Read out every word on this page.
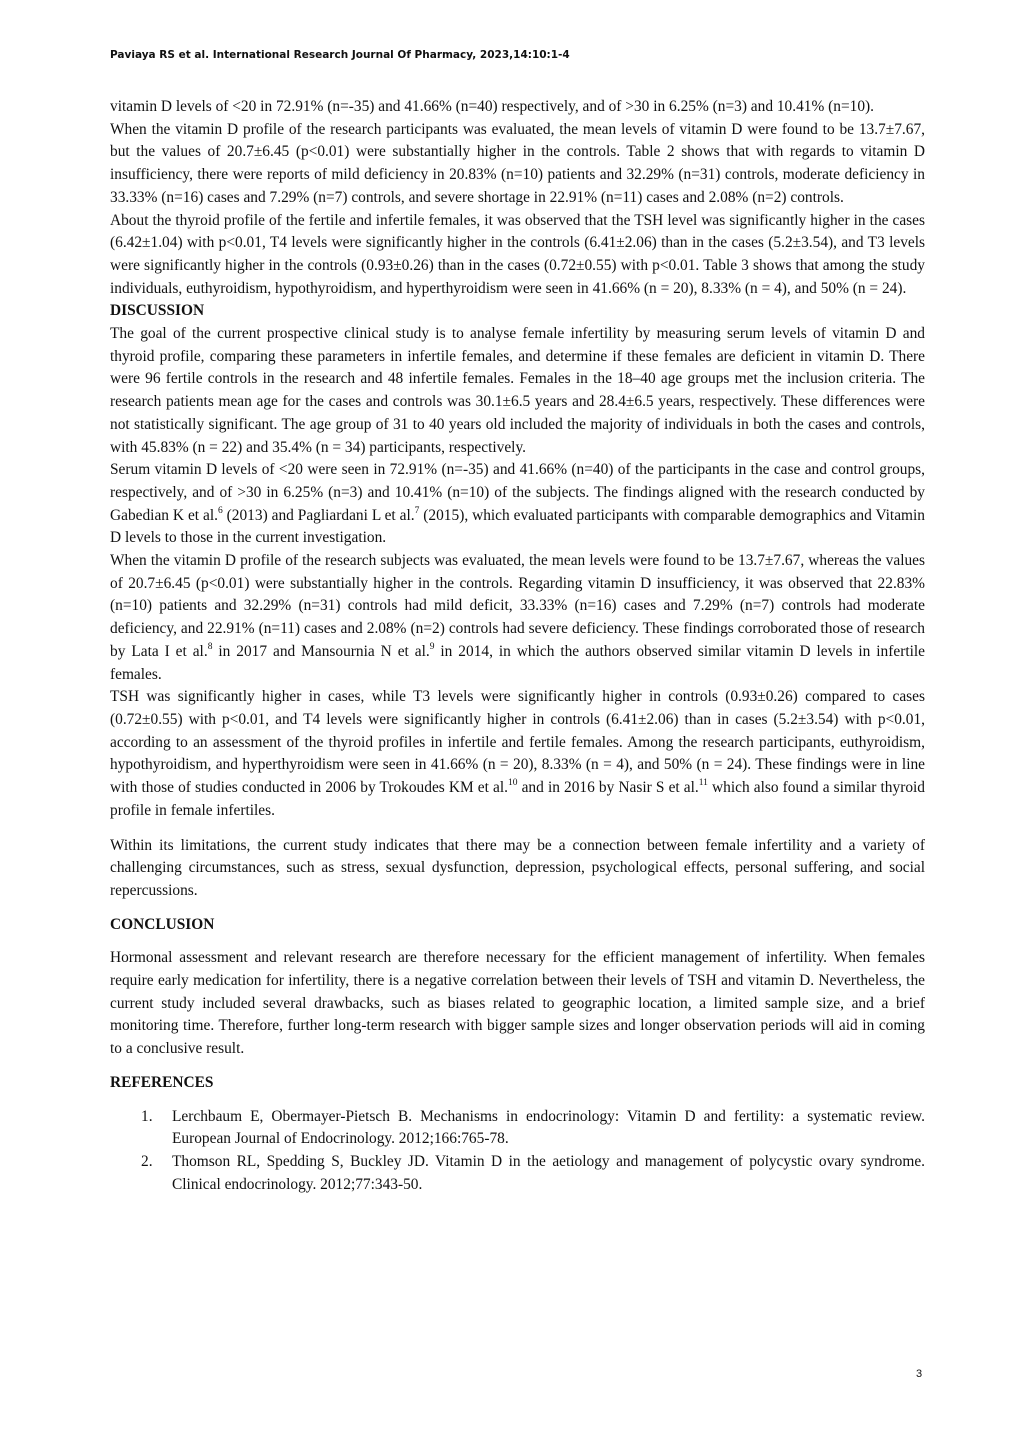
Paviaya RS et al. International Research Journal Of Pharmacy, 2023,14:10:1-4

vitamin D levels of <20 in 72.91% (n=-35) and 41.66% (n=40) respectively, and of >30 in 6.25% (n=3) and 10.41% (n=10).

When the vitamin D profile of the research participants was evaluated, the mean levels of vitamin D were found to be 13.7±7.67, but the values of 20.7±6.45 (p<0.01) were substantially higher in the controls. Table 2 shows that with regards to vitamin D insufficiency, there were reports of mild deficiency in 20.83% (n=10) patients and 32.29% (n=31) controls, moderate deficiency in 33.33% (n=16) cases and 7.29% (n=7) controls, and severe shortage in 22.91% (n=11) cases and 2.08% (n=2) controls.

About the thyroid profile of the fertile and infertile females, it was observed that the TSH level was significantly higher in the cases (6.42±1.04) with p<0.01, T4 levels were significantly higher in the controls (6.41±2.06) than in the cases (5.2±3.54), and T3 levels were significantly higher in the controls (0.93±0.26) than in the cases (0.72±0.55) with p<0.01. Table 3 shows that among the study individuals, euthyroidism, hypothyroidism, and hyperthyroidism were seen in 41.66% (n = 20), 8.33% (n = 4), and 50% (n = 24).

DISCUSSION

The goal of the current prospective clinical study is to analyse female infertility by measuring serum levels of vitamin D and thyroid profile, comparing these parameters in infertile females, and determine if these females are deficient in vitamin D. There were 96 fertile controls in the research and 48 infertile females. Females in the 18–40 age groups met the inclusion criteria. The research patients mean age for the cases and controls was 30.1±6.5 years and 28.4±6.5 years, respectively. These differences were not statistically significant. The age group of 31 to 40 years old included the majority of individuals in both the cases and controls, with 45.83% (n = 22) and 35.4% (n = 34) participants, respectively.

Serum vitamin D levels of <20 were seen in 72.91% (n=-35) and 41.66% (n=40) of the participants in the case and control groups, respectively, and of >30 in 6.25% (n=3) and 10.41% (n=10) of the subjects. The findings aligned with the research conducted by Gabedian K et al.$^6$ (2013) and Pagliardani L et al.$^7$ (2015), which evaluated participants with comparable demographics and Vitamin D levels to those in the current investigation.

When the vitamin D profile of the research subjects was evaluated, the mean levels were found to be 13.7±7.67, whereas the values of 20.7±6.45 (p<0.01) were substantially higher in the controls. Regarding vitamin D insufficiency, it was observed that 22.83% (n=10) patients and 32.29% (n=31) controls had mild deficit, 33.33% (n=16) cases and 7.29% (n=7) controls had moderate deficiency, and 22.91% (n=11) cases and 2.08% (n=2) controls had severe deficiency. These findings corroborated those of research by Lata I et al.$^8$ in 2017 and Mansournia N et al.$^9$ in 2014, in which the authors observed similar vitamin D levels in infertile females.

TSH was significantly higher in cases, while T3 levels were significantly higher in controls (0.93±0.26) compared to cases (0.72±0.55) with p<0.01, and T4 levels were significantly higher in controls (6.41±2.06) than in cases (5.2±3.54) with p<0.01, according to an assessment of the thyroid profiles in infertile and fertile females. Among the research participants, euthyroidism, hypothyroidism, and hyperthyroidism were seen in 41.66% (n = 20), 8.33% (n = 4), and 50% (n = 24). These findings were in line with those of studies conducted in 2006 by Trokoudes KM et al.$^{10}$ and in 2016 by Nasir S et al.$^{11}$ which also found a similar thyroid profile in female infertiles.

Within its limitations, the current study indicates that there may be a connection between female infertility and a variety of challenging circumstances, such as stress, sexual dysfunction, depression, psychological effects, personal suffering, and social repercussions.

CONCLUSION

Hormonal assessment and relevant research are therefore necessary for the efficient management of infertility. When females require early medication for infertility, there is a negative correlation between their levels of TSH and vitamin D. Nevertheless, the current study included several drawbacks, such as biases related to geographic location, a limited sample size, and a brief monitoring time. Therefore, further long-term research with bigger sample sizes and longer observation periods will aid in coming to a conclusive result.

REFERENCES
1. Lerchbaum E, Obermayer-Pietsch B. Mechanisms in endocrinology: Vitamin D and fertility: a systematic review. European Journal of Endocrinology. 2012;166:765-78.
2. Thomson RL, Spedding S, Buckley JD. Vitamin D in the aetiology and management of polycystic ovary syndrome. Clinical endocrinology. 2012;77:343-50.
3
